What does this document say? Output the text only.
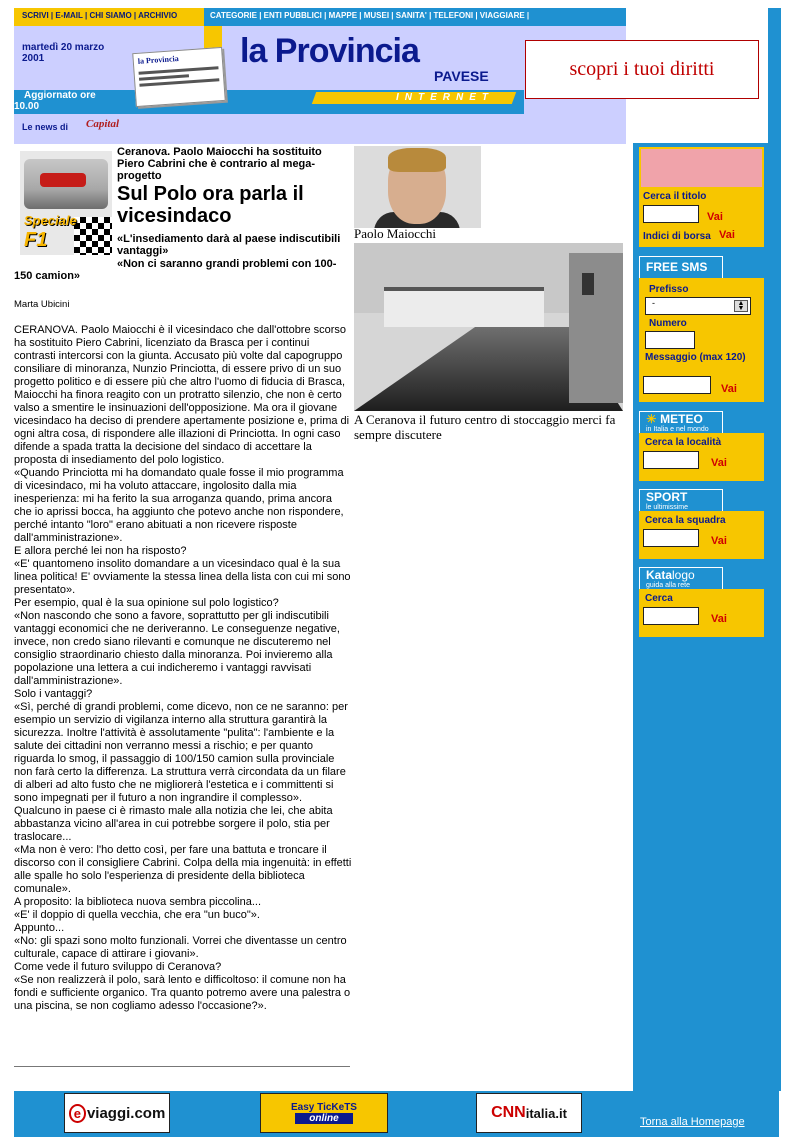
SCRIVI | E-MAIL | CHI SIAMO | ARCHIVIO	CATEGORIE | ENTI PUBBLICI | MAPPE | MUSEI | SANITA' | TELEFONI | VIAGGIARE |
martedì 20 marzo
2001
Aggiornato ore
10.00
la Provincia	la Provincia
PAVESE
INTERNET
Le news di Capital
scopri i tuoi diritti
Cerca il titolo
Vai
Indici di borsa Vai
FREE SMS
Prefisso
-	▲
▼
Numero
Messaggio (max 120)
Vai
☀ METEO
in Italia e nel mondo
Cerca la località
Vai
SPORT
le ultimissime
Cerca la squadra
Vai
Katalogo
guida alla rete
Cerca
Vai
Speciale
F1
Ceranova. Paolo Maiocchi ha sostituito Piero Cabrini che è contrario al mega-progetto
Sul Polo ora parla il vicesindaco
«L'insediamento darà al paese indiscutibili vantaggi»
«Non ci saranno grandi problemi con 100-150 camion»
Marta Ubicini

CERANOVA. Paolo Maiocchi è il vicesindaco che dall'ottobre scorso ha sostituito Piero Cabrini, licenziato da Brasca per i continui contrasti intercorsi con la giunta. Accusato più volte dal capogruppo consiliare di minoranza, Nunzio Princiotta, di essere privo di un suo progetto politico e di essere più che altro l'uomo di fiducia di Brasca, Maiocchi ha finora reagito con un protratto silenzio, che non è certo valso a smentire le insinuazioni dell'opposizione. Ma ora il giovane vicesindaco ha deciso di prendere apertamente posizione e, prima di ogni altra cosa, di rispondere alle illazioni di Princiotta. In ogni caso difende a spada tratta la decisione del sindaco di accettare la proposta di insediamento del polo logistico.

«Quando Princiotta mi ha domandato quale fosse il mio programma di vicesindaco, mi ha voluto attaccare, ingolosito dalla mia inesperienza: mi ha ferito la sua arroganza quando, prima ancora che io aprissi bocca, ha aggiunto che potevo anche non rispondere, perché intanto "loro" erano abituati a non ricevere risposte dall'amministrazione».

E allora perché lei non ha risposto?

«E' quantomeno insolito domandare a un vicesindaco qual è la sua linea politica! E' ovviamente la stessa linea della lista con cui mi sono presentato».

Per esempio, qual è la sua opinione sul polo logistico?

«Non nascondo che sono a favore, soprattutto per gli indiscutibili vantaggi economici che ne deriveranno. Le conseguenze negative, invece, non credo siano rilevanti e comunque ne discuteremo nel consiglio straordinario chiesto dalla minoranza. Poi invieremo alla popolazione una lettera a cui indicheremo i vantaggi ravvisati dall'amministrazione».

Solo i vantaggi?

«Sì, perché di grandi problemi, come dicevo, non ce ne saranno: per esempio un servizio di vigilanza interno alla struttura garantirà la sicurezza. Inoltre l'attività è assolutamente "pulita": l'ambiente e la salute dei cittadini non verranno messi a rischio; e per quanto riguarda lo smog, il passaggio di 100/150 camion sulla provinciale non farà certo la differenza. La struttura verrà circondata da un filare di alberi ad alto fusto che ne migliorerà l'estetica e i committenti si sono impegnati per il futuro a non ingrandire il complesso».

Qualcuno in paese ci è rimasto male alla notizia che lei, che abita abbastanza vicino all'area in cui potrebbe sorgere il polo, stia per traslocare...

«Ma non è vero: l'ho detto così, per fare una battuta e troncare il discorso con il consigliere Cabrini. Colpa della mia ingenuità: in effetti alle spalle ho solo l'esperienza di presidente della biblioteca comunale».

A proposito: la biblioteca nuova sembra piccolina...

«E' il doppio di quella vecchia, che era "un buco"».

Appunto...

«No: gli spazi sono molto funzionali. Vorrei che diventasse un centro culturale, capace di attirare i giovani».

Come vede il futuro sviluppo di Ceranova?

«Se non realizzerà il polo, sarà lento e difficoltoso: il comune non ha fondi e sufficiente organico. Tra quanto potremo avere una palestra o una piscina, se non cogliamo adesso l'occasione?».

Paolo Maiocchi
A Ceranova il futuro centro di stoccaggio merci fa sempre discutere
e viaggi.com	Easy TicKeTS
online	CNN italia.it
Torna alla Homepage
